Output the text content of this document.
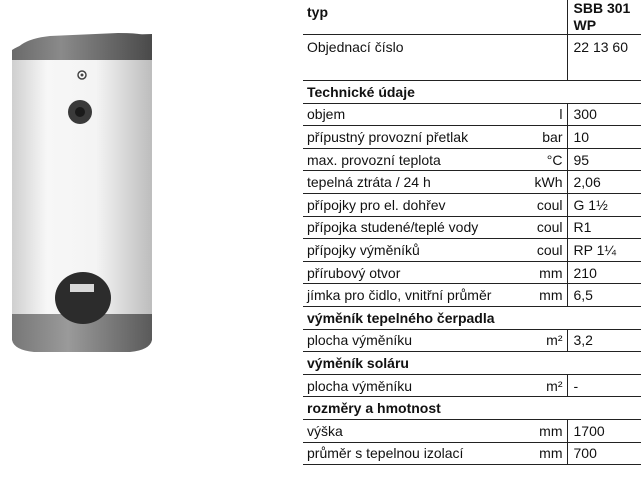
typ		SBB 301 WP
Objednací číslo		22 13 60
Technické údaje		
objem	l	300
přípustný provozní přetlak	bar	10
max. provozní teplota	°C	95
tepelná ztráta / 24 h	kWh	2,06
přípojky pro el. dohřev	coul	G 1½
přípojka studené/teplé vody	coul	R1
přípojky výměníků	coul	RP 1¼
přírubový otvor	mm	210
jímka pro čidlo, vnitřní průměr	mm	6,5
výměník tepelného čerpadla		
plocha výměníku	m²	3,2
výměník soláru		
plocha výměníku	m²	-
rozměry a hmotnost		
výška	mm	1700
průměr s tepelnou izolací	mm	700
